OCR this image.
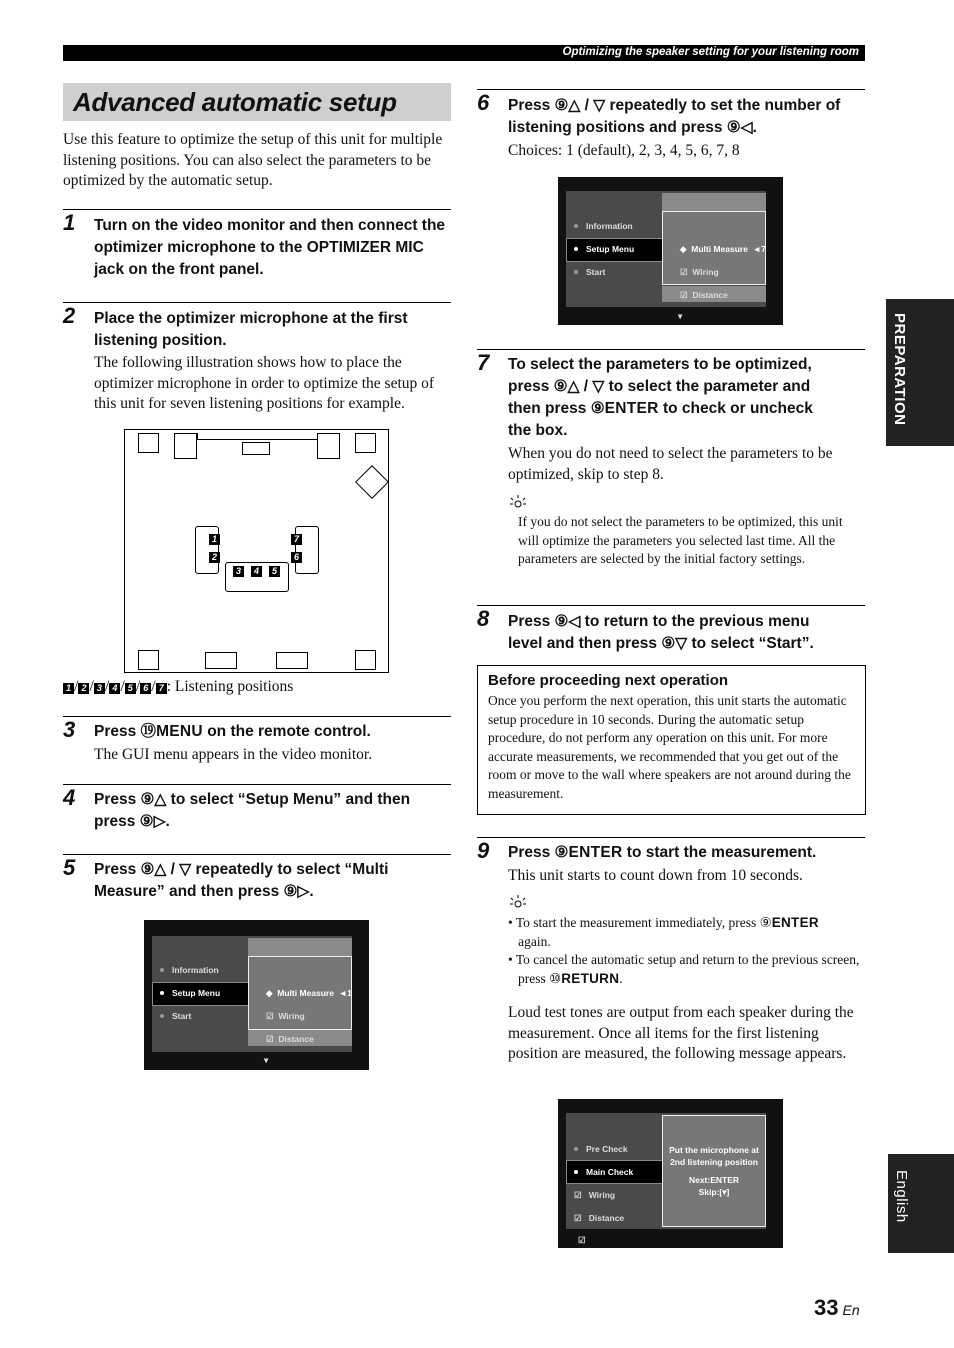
Optimizing the speaker setting for your listening room
Advanced automatic setup
Use this feature to optimize the setup of this unit for multiple listening positions. You can also select the parameters to be optimized by the automatic setup.
1 Turn on the video monitor and then connect the optimizer microphone to the OPTIMIZER MIC jack on the front panel.
2 Place the optimizer microphone at the first listening position.
The following illustration shows how to place the optimizer microphone in order to optimize the setup of this unit for seven listening positions for example.
1
2
3	4	5
6
7
1 / 2 / 3 / 4 / 5 / 6 / 7 : Listening positions
3 Press ⑲MENU on the remote control.
The GUI menu appears in the video monitor.
4 Press ⑨△ to select “Setup Menu” and then
press ⑨▷.
5 Press ⑨△ / ▽ repeatedly to select “Multi
Measure” and then press ⑨▷.
Information
Setup Menu
Start
◆  Multi Measure  ◄1
☑  Wiring
☑  Distance
▾
6 Press ⑨△ / ▽ repeatedly to set the number of
listening positions and press ⑨◁.
Choices: 1 (default), 2, 3, 4, 5, 6, 7, 8
Information
Setup Menu
Start
◆  Multi Measure  ◄7
☑  Wiring
☑  Distance
▾
7 To select the parameters to be optimized,
press ⑨△ / ▽ to select the parameter and
then press ⑨ENTER to check or uncheck
the box.
When you do not need to select the parameters to be optimized, skip to step 8.
If you do not select the parameters to be optimized, this unit will optimize the parameters you selected last time. All the parameters are selected by the initial factory settings.
8 Press ⑨◁ to return to the previous menu
level and then press ⑨▽ to select “Start”.
Before proceeding next operation
Once you perform the next operation, this unit starts the automatic setup procedure in 10 seconds. During the automatic setup procedure, do not perform any operation on this unit. For more accurate measurements, we recommended that you get out of the room or move to the wall where speakers are not around during the measurement.
9 Press ⑨ENTER to start the measurement.
This unit starts to count down from 10 seconds.
• To start the measurement immediately, press ⑨ENTER
again.
• To cancel the automatic setup and return to the previous screen, press ⑩RETURN.
Loud test tones are output from each speaker during the measurement. Once all items for the first listening position are measured, the following message appears.
Pre Check
Main Check
☑   Wiring
☑   Distance
Put the microphone at
2nd listening position
Next:ENTER
Skip:[▾]
☑
PREPARATION
English
33 En
